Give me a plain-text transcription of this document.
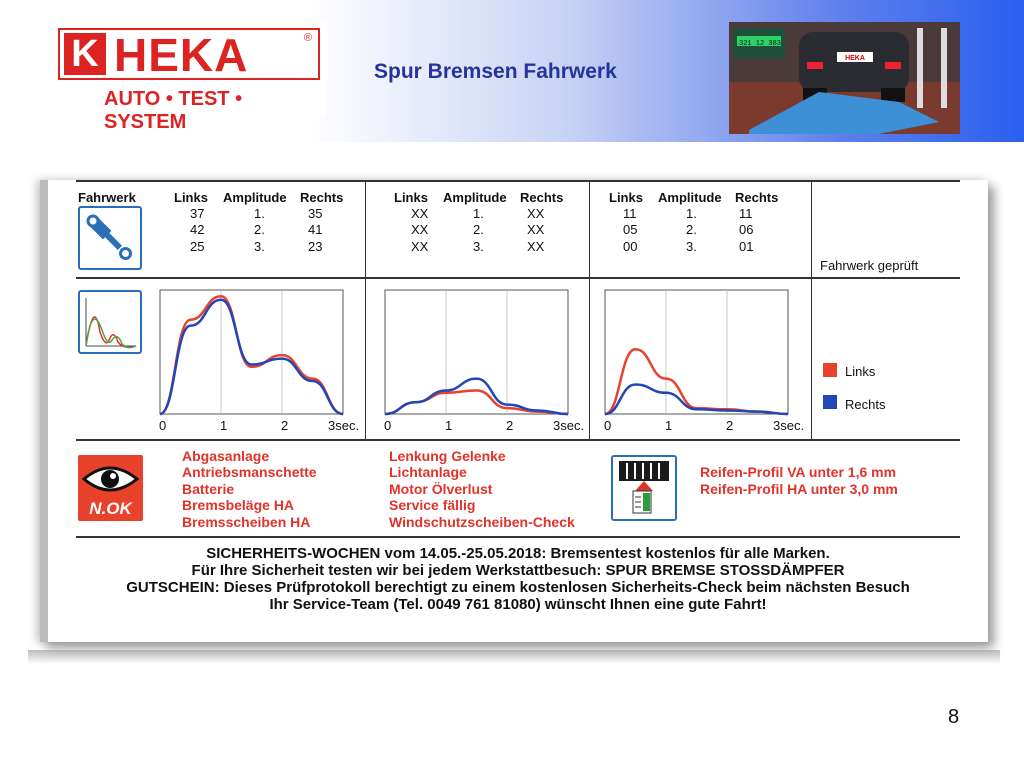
K HEKA	®
AUTO • TEST • SYSTEM
Spur Bremsen Fahrwerk
321 12 383
HEKA
Fahrwerk	Links Amplitude Rechts
37	1.	35
42	2.	41
25	3.	23
Links Amplitude Rechts
XX	1.	XX
XX	2.	XX
XX	3.	XX
Links Amplitude Rechts
11	1.	11
05	2.	06
00	3.	01
Fahrwerk geprüft
0	1	2	3sec. 0	1	2	3sec. 0	1	2	3sec.
Links
Rechts
N.OK
Abgasanlage
Antriebsmanschette
Batterie
Bremsbeläge HA
Bremsscheiben HA
Lenkung Gelenke
Lichtanlage
Motor Ölverlust
Service fällig
Windschutzscheiben-Check
Reifen-Profil VA unter 1,6 mm
Reifen-Profil HA unter 3,0 mm
SICHERHEITS-WOCHEN vom 14.05.-25.05.2018: Bremsentest kostenlos für alle Marken.
Für Ihre Sicherheit testen wir bei jedem Werkstattbesuch: SPUR BREMSE STOSSDÄMPFER
GUTSCHEIN: Dieses Prüfprotokoll berechtigt zu einem kostenlosen Sicherheits-Check beim nächsten Besuch
Ihr Service-Team (Tel. 0049 761 81080) wünscht Ihnen eine gute Fahrt!
8
